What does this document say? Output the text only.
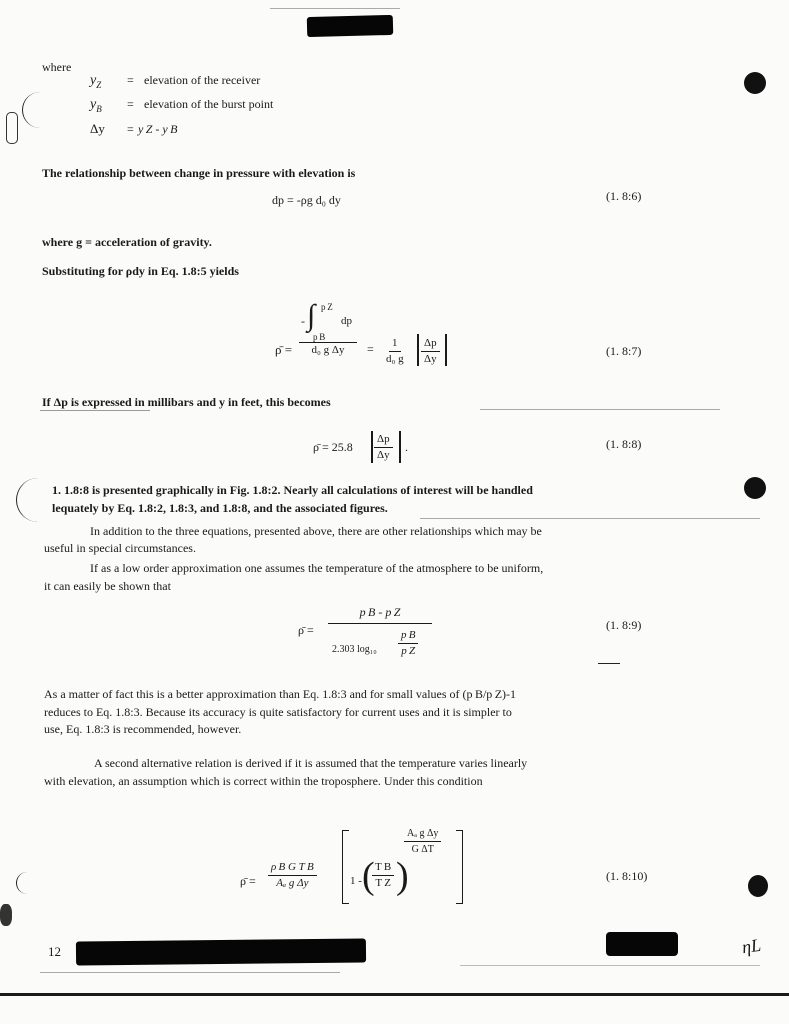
where
$y_Z$ = elevation of the receiver
$y_B$ = elevation of the burst point
Δy = y Z - y B
The relationship between change in pressure with elevation is
dp = -ρg d₀ dy	(1. 8:6)
where g = acceleration of gravity.
Substituting for ρdy in Eq. 1.8:5 yields
ρ̄ =
- ∫ p Z
p B
dp
d₀ g Δy	= $\frac{1}{\text{d₀ g}} \frac{\Delta p}{\Delta y}$	(1. 8:7)
If Δp is expressed in millibars and y in feet, this becomes
ρ̄ = $25.8 \frac{\Delta p}{\Delta y}$ .	(1. 8:8)
1. 1.8:8 is presented graphically in Fig. 1.8:2. Nearly all calculations of interest will be handled
lequately by Eq. 1.8:2, 1.8:3, and 1.8:8, and the associated figures.
In addition to the three equations, presented above, there are other relationships which may be
useful in special circumstances.
If as a low order approximation one assumes the temperature of the atmosphere to be uniform,
it can easily be shown that
ρ̄ = $\frac{\text{p B - p Z}}{2.303 \log_{10} \frac{\text{p B}}{\text{p Z}}}$	(1. 8:9)
As a matter of fact this is a better approximation than Eq. 1.8:3 and for small values of (p B/p Z)-1
reduces to Eq. 1.8:3. Because its accuracy is quite satisfactory for current uses and it is simpler to
use, Eq. 1.8:3 is recommended, however.
A second alternative relation is derived if it is assumed that the temperature varies linearly
with elevation, an assumption which is correct within the troposphere. Under this condition
ρ̄ = $\frac{\text{ρ B G T B}}{\text{Aₐ g Δy}}$	1 - (
$\frac{\text{T B}}{\text{T Z}}$ )
$\frac{\text{Aₐ g Δy}}{\text{G ΔT}}$
(1. 8:10)
12	ηL
